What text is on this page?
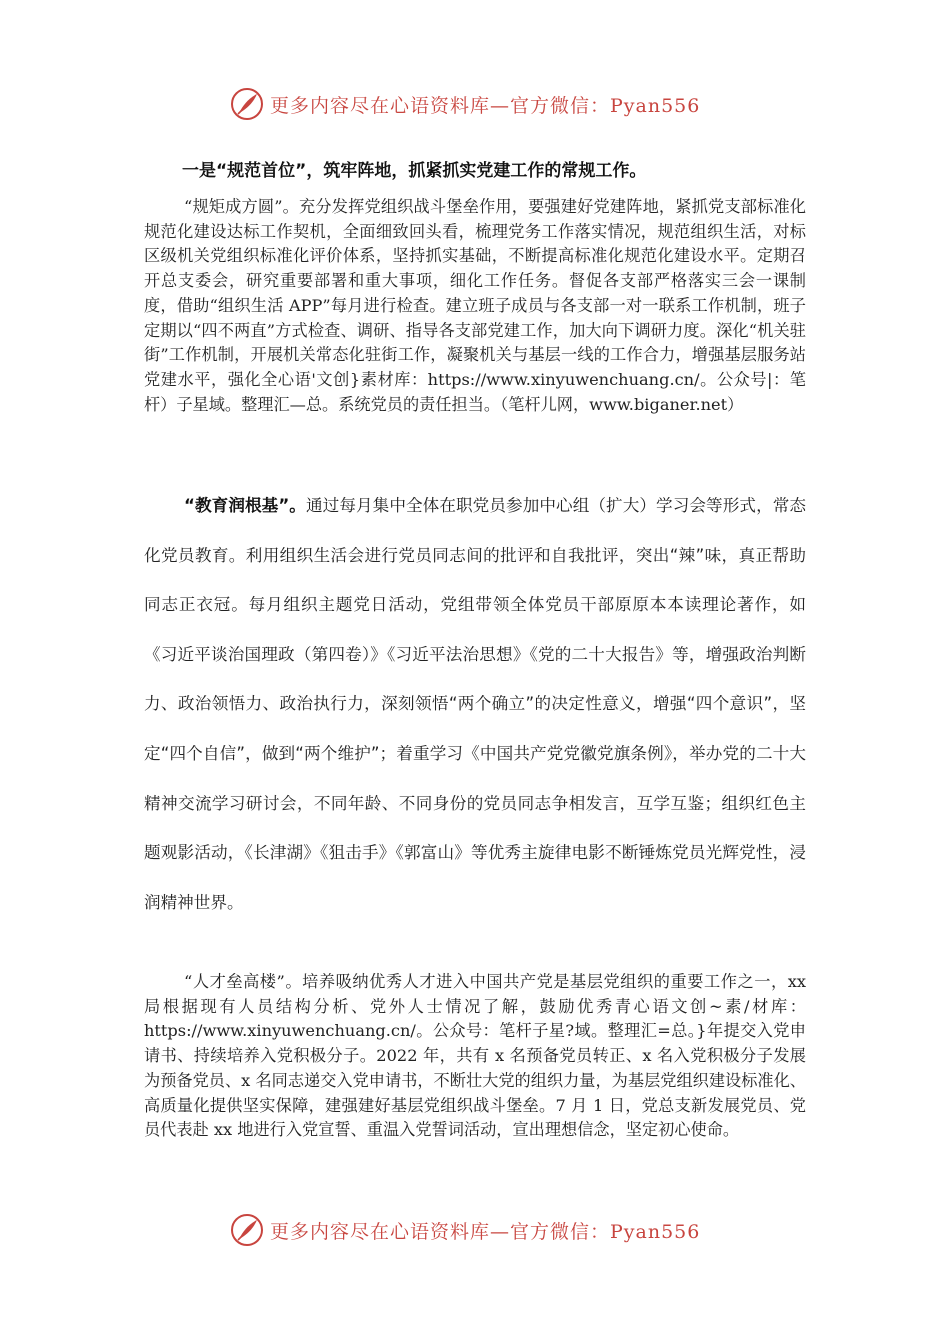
更多内容尽在心语资料库—官方微信：Pyan556
一是“规范首位”，筑牢阵地，抓紧抓实党建工作的常规工作。
“规矩成方圆”。充分发挥党组织战斗堡垒作用，要强建好党建阵地，紧抓党支部标准化规范化建设达标工作契机，全面细致回头看，梳理党务工作落实情况，规范组织生活，对标区级机关党组织标准化评价体系，坚持抓实基础，不断提高标准化规范化建设水平。定期召开总支委会，研究重要部署和重大事项，细化工作任务。督促各支部严格落实三会一课制度，借助“组织生活 APP”每月进行检查。建立班子成员与各支部一对一联系工作机制，班子定期以“四不两直”方式检查、调研、指导各支部党建工作，加大向下调研力度。深化“机关驻街”工作机制，开展机关常态化驻街工作，凝聚机关与基层一线的工作合力，增强基层服务站党建水平，强化全心语'文创}素材库：https://www.xinyuwenchuang.cn/。公众号|：笔杆）子星域。整理汇—总。系统党员的责任担当。（笔杆儿网，www.biganer.net）
“教育润根基”。通过每月集中全体在职党员参加中心组（扩大）学习会等形式，常态化党员教育。利用组织生活会进行党员同志间的批评和自我批评，突出“辣”味，真正帮助同志正衣冠。每月组织主题党日活动，党组带领全体党员干部原原本本读理论著作，如《习近平谈治国理政（第四卷）》《习近平法治思想》《党的二十大报告》等，增强政治判断力、政治领悟力、政治执行力，深刻领悟“两个确立”的决定性意义，增强“四个意识”，坚定“四个自信”，做到“两个维护”；着重学习《中国共产党党徽党旗条例》，举办党的二十大精神交流学习研讨会，不同年龄、不同身份的党员同志争相发言，互学互鉴；组织红色主题观影活动，《长津湖》《狙击手》《郭富山》等优秀主旋律电影不断锤炼党员光辉党性，浸润精神世界。
“人才垒高楼”。培养吸纳优秀人才进入中国共产党是基层党组织的重要工作之一，xx 局根据现有人员结构分析、党外人士情况了解，鼓励优秀青心语文创~素/材库：https://www.xinyuwenchuang.cn/。公众号：笔杆子星?域。整理汇=总。}年提交入党申请书、持续培养入党积极分子。2022 年，共有 x 名预备党员转正、x 名入党积极分子发展为预备党员、x 名同志递交入党申请书，不断壮大党的组织力量，为基层党组织建设标准化、高质量化提供坚实保障，建强建好基层党组织战斗堡垒。7 月 1 日，党总支新发展党员、党员代表赴 xx 地进行入党宣誓、重温入党誓词活动，宣出理想信念，坚定初心使命。
更多内容尽在心语资料库—官方微信：Pyan556
